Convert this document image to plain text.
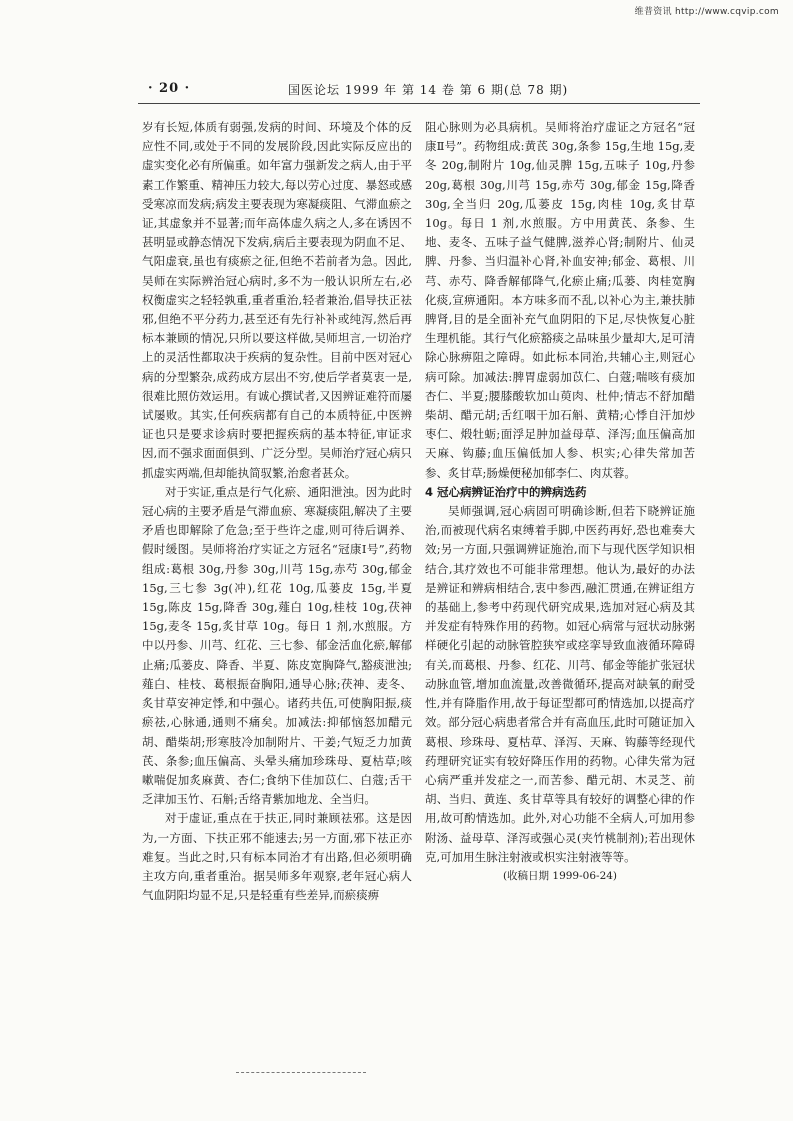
维普资讯 http://www.cqvip.com
· 20 ·	国医论坛 1999 年 第 14 卷 第 6 期(总 78 期)

岁有长短,体质有弱强,发病的时间、环境及个体的反应性不同,或处于不同的发展阶段,因此实际反应出的虚实变化必有所偏重。如年富力强新发之病人,由于平素工作繁重、精神压力较大,每以劳心过度、暴怒或感受寒凉而发病;病发主要表现为寒凝痰阻、气滞血瘀之证,其虚象并不显著;而年高体虚久病之人,多在诱因不甚明显或静态情况下发病,病后主要表现为阴血不足、气阳虚衰,虽也有痰瘀之征,但绝不若前者为急。因此,吴师在实际辨治冠心病时,多不为一般认识所左右,必权衡虚实之轻轻孰重,重者重治,轻者兼治,倡导扶正祛邪,但绝不平分药力,甚至还有先行补补或纯泻,然后再标本兼顾的情况,只所以要这样做,吴师坦言,一切治疗上的灵活性都取决于疾病的复杂性。目前中医对冠心病的分型繁杂,成药成方层出不穷,使后学者莫衷一是,很难比照仿效运用。有诚心撰试者,又因辨证难符而屡试屡败。其实,任何疾病都有自己的本质特征,中医辨证也只是要求诊病时要把握疾病的基本特征,审证求因,而不强求面面俱到、广泛分型。吴师治疗冠心病只抓虚实两端,但却能执简驭繁,治愈者甚众。

对于实证,重点是行气化瘀、通阳泄浊。因为此时冠心病的主要矛盾是气滞血瘀、寒凝痰阻,解决了主要矛盾也即解除了危急;至于些许之虚,则可待后调养、假时缓图。吴师将治疗实证之方冠名“冠康Ⅰ号”,药物组成:葛根 30g,丹参 30g,川芎 15g,赤芍 30g,郁金 15g,三七参 3g(冲),红花 10g,瓜蒌皮 15g,半夏 15g,陈皮 15g,降香 30g,薤白 10g,桂枝 10g,茯神 15g,麦冬 15g,炙甘草 10g。每日 1 剂,水煎服。方中以丹参、川芎、红花、三七参、郁金活血化瘀,解郁止痛;瓜蒌皮、降香、半夏、陈皮宽胸降气,豁痰泄浊;薤白、桂枝、葛根振奋胸阳,通导心脉;茯神、麦冬、炙甘草安神定悸,和中强心。诸药共伍,可使胸阳振,痰瘀祛,心脉通,通则不痛矣。加减法:抑郁恼怒加醋元胡、醋柴胡;形寒肢冷加制附片、干姜;气短乏力加黄芪、条参;血压偏高、头晕头痛加珍珠母、夏枯草;咳嗽喘促加炙麻黄、杏仁;食纳下佳加苡仁、白蔻;舌干乏津加玉竹、石斛;舌络青紫加地龙、全当归。

对于虚证,重点在于扶正,同时兼顾祛邪。这是因为,一方面、下扶正邪不能速去;另一方面,邪下祛正亦难复。当此之时,只有标本同治才有出路,但必须明确主攻方向,重者重治。据吴师多年观察,老年冠心病人气血阴阳均显不足,只是轻重有些差异,而瘀痰痹

阻心脉则为必具病机。吴师将治疗虚证之方冠名“冠康Ⅱ号”。药物组成:黄芪 30g,条参 15g,生地 15g,麦冬 20g,制附片 10g,仙灵脾 15g,五味子 10g,丹参 20g,葛根 30g,川芎 15g,赤芍 30g,郁金 15g,降香 30g,全当归 20g,瓜蒌皮 15g,肉桂 10g,炙甘草 10g。每日 1 剂,水煎服。方中用黄芪、条参、生地、麦冬、五味子益气健脾,滋养心肾;制附片、仙灵脾、丹参、当归温补心肾,补血安神;郁金、葛根、川芎、赤芍、降香解郁降气,化瘀止痛;瓜蒌、肉桂宽胸化痰,宣痹通阳。本方味多而不乱,以补心为主,兼扶肺脾肾,目的是全面补充气血阴阳的下足,尽快恢复心脏生理机能。其行气化瘀豁痰之品味虽少量却大,足可清除心脉痹阻之障碍。如此标本同治,共辅心主,则冠心病可除。加减法:脾胃虚弱加苡仁、白蔻;喘咳有痰加杏仁、半夏;腰膝酸软加山萸肉、杜仲;情志不舒加醋柴胡、醋元胡;舌红咽干加石斛、黄精;心悸自汗加炒枣仁、煅牡蛎;面浮足肿加益母草、泽泻;血压偏高加天麻、钩藤;血压偏低加人参、枳实;心律失常加苦参、炙甘草;肠燥便秘加郁李仁、肉苁蓉。

4 冠心病辨证治疗中的辨病选药

吴师强调,冠心病固可明确诊断,但若下晓辨证施治,而被现代病名束缚着手脚,中医药再好,恐也难奏大效;另一方面,只强调辨证施治,而下与现代医学知识相结合,其疗效也不可能非常理想。他认为,最好的办法是辨证和辨病相结合,衷中参西,融汇贯通,在辨证组方的基础上,参考中药现代研究成果,选加对冠心病及其并发症有特殊作用的药物。如冠心病常与冠状动脉粥样硬化引起的动脉管腔狭窄或痉挛导致血液循环障碍有关,而葛根、丹参、红花、川芎、郁金等能扩张冠状动脉血管,增加血流量,改善微循环,提高对缺氧的耐受性,并有降脂作用,故于每证型都可酌情选加,以提高疗效。部分冠心病患者常合并有高血压,此时可随证加入葛根、珍珠母、夏枯草、泽泻、天麻、钩藤等经现代药理研究证实有较好降压作用的药物。心律失常为冠心病严重并发症之一,而苦参、醋元胡、木灵芝、前胡、当归、黄连、炙甘草等具有较好的调整心律的作用,故可酌情选加。此外,对心功能不全病人,可加用参附汤、益母草、泽泻或强心灵(夹竹桃制剂);若出现休克,可加用生脉注射液或枳实注射液等等。

(收稿日期 1999-06-24)
